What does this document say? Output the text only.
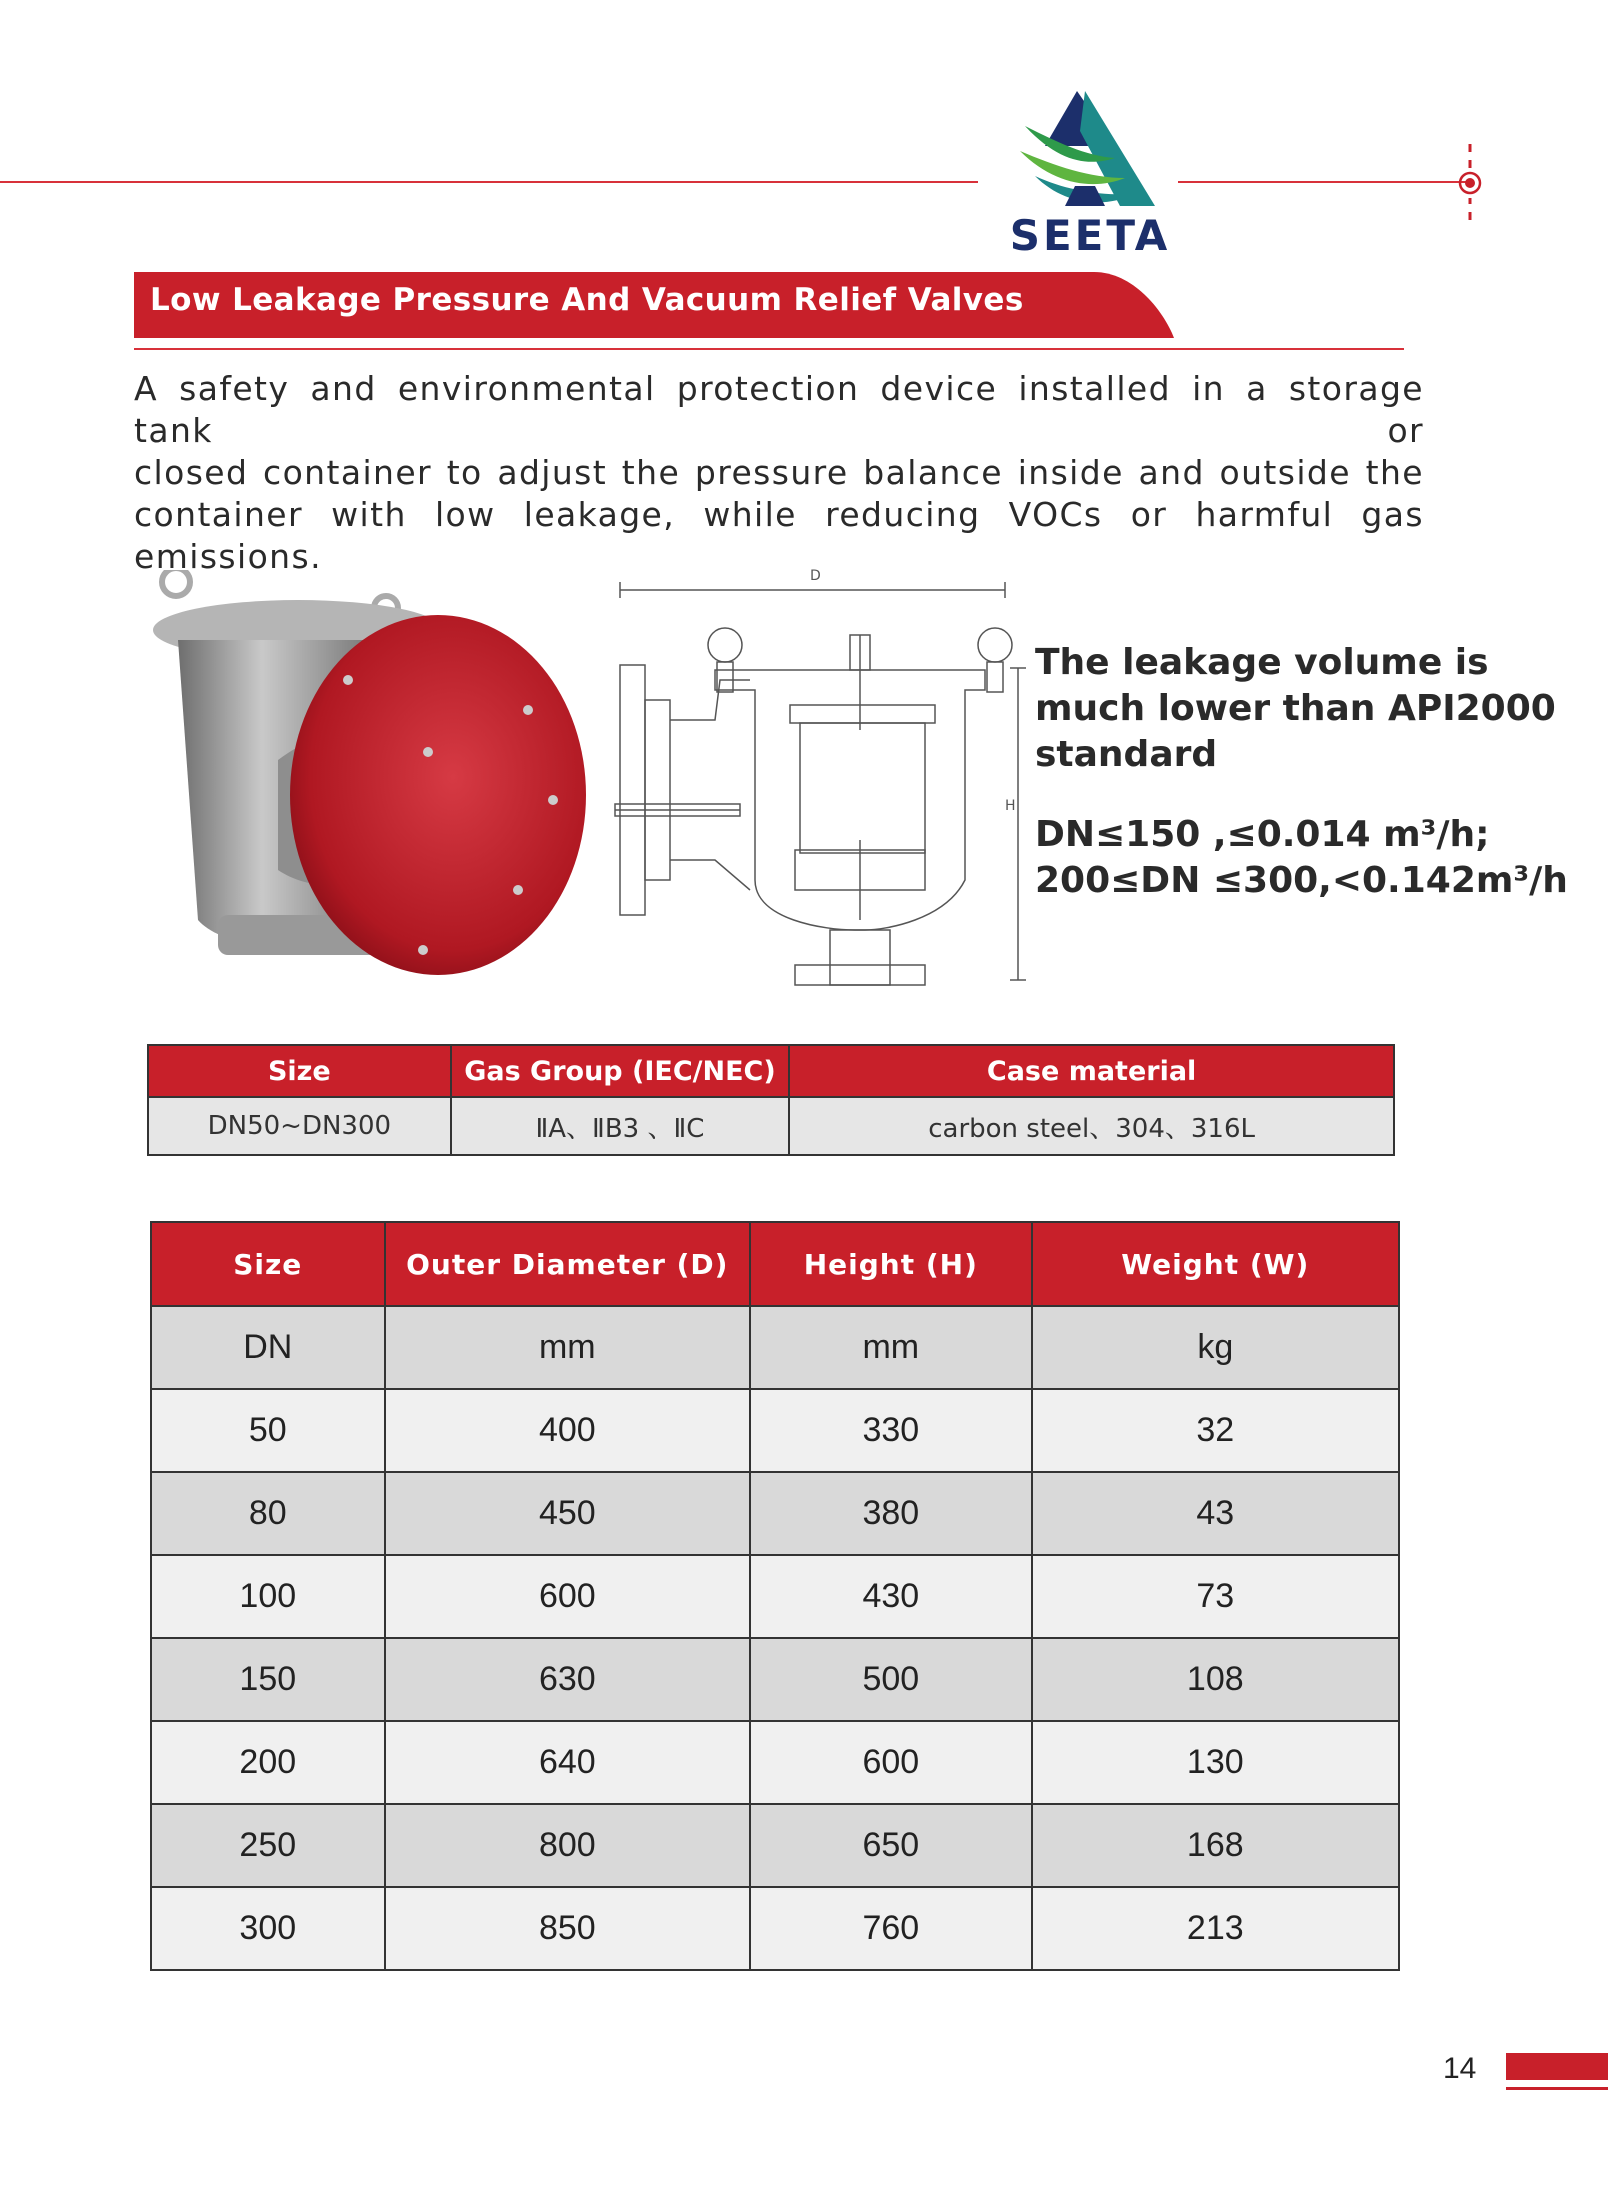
SEETA
Low Leakage Pressure And Vacuum Relief Valves
A safety and environmental protection device installed in a storage tank or
closed container to adjust the pressure balance inside and outside the
container with low leakage, while reducing VOCs or harmful gas emissions.	D
H
The leakage volume is
much lower than API2000
standard
DN≤150 ,≤0.014 m³/h;
200≤DN ≤300,<0.142m³/h
Size	Gas Group (IEC/NEC)	Case material
DN50~DN300	ⅡA、ⅡB3 、ⅡC	carbon steel、304、316L
Size	Outer Diameter (D)	Height (H)	Weight (W)
DN	mm	mm	kg
50	400	330	32
80	450	380	43
100	600	430	73
150	630	500	108
200	640	600	130
250	800	650	168
300	850	760	213
14
